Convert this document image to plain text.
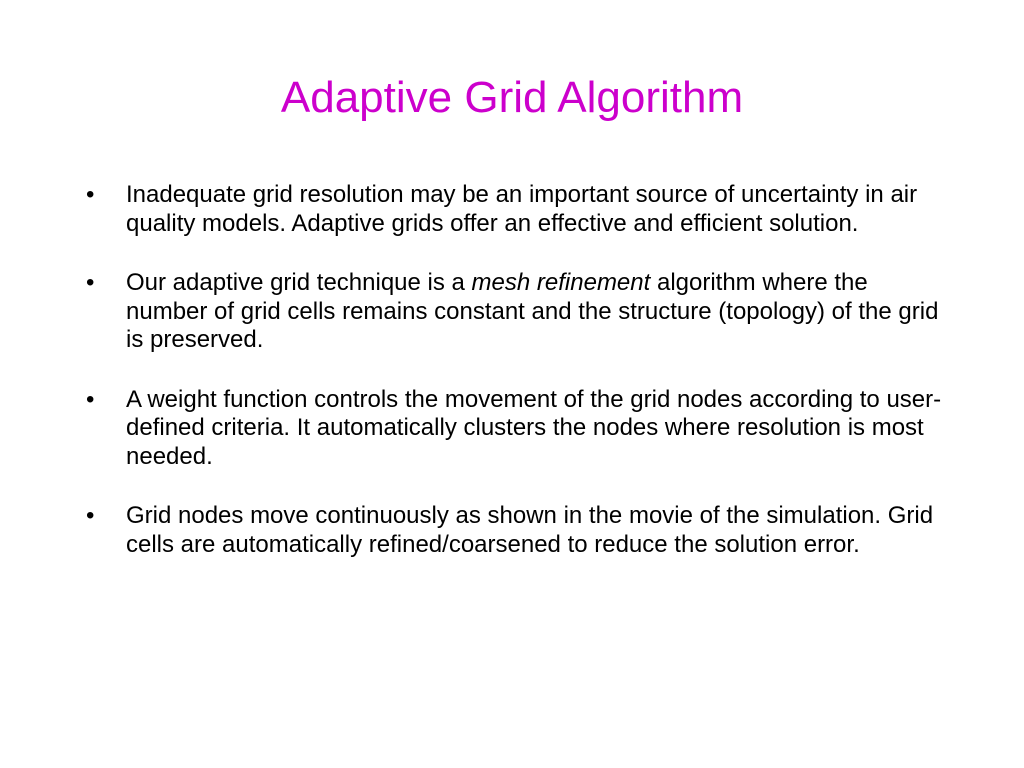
Adaptive Grid Algorithm
•	Inadequate grid resolution may be an important source of uncertainty in air quality models. Adaptive grids offer an effective and efficient solution.
•	Our adaptive grid technique is a mesh refinement algorithm where the number of grid cells remains constant and the structure (topology) of the grid is preserved.
•	A weight function controls the movement of the grid nodes according to user-defined criteria. It automatically clusters the nodes where resolution is most needed.
•	Grid nodes move continuously as shown in the movie of the simulation. Grid cells are automatically refined/coarsened to reduce the solution error.
